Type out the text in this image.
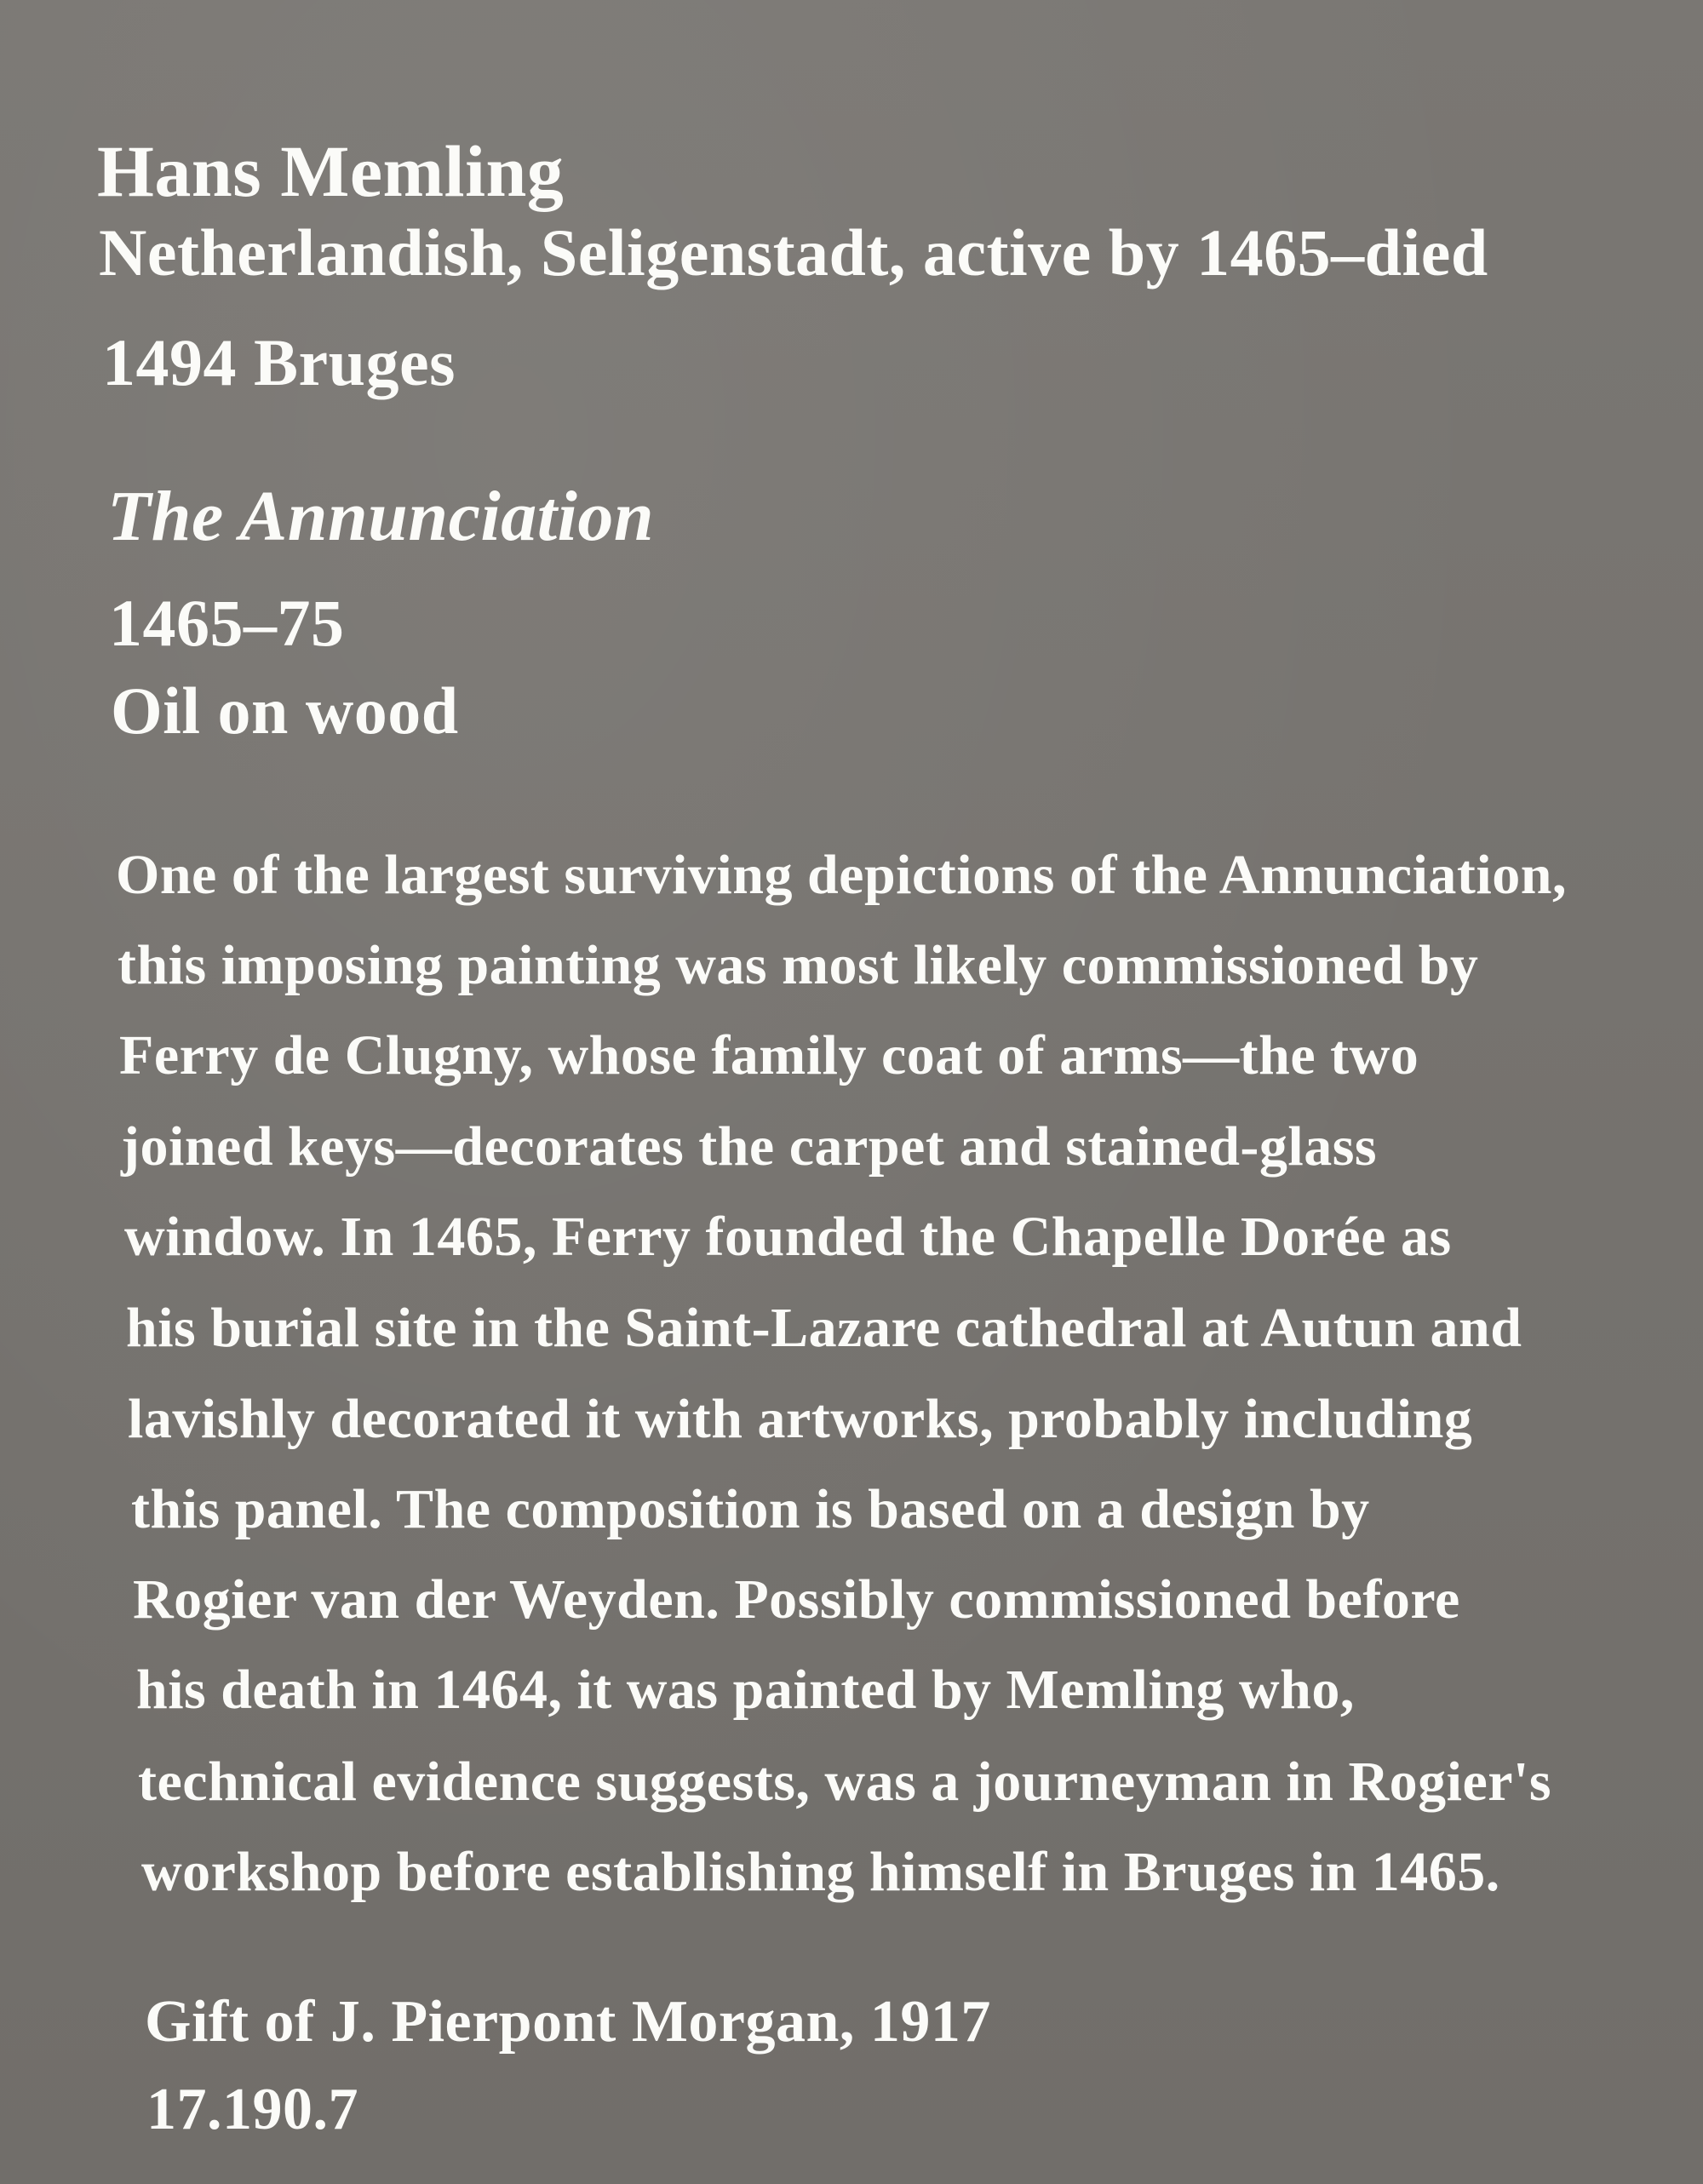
Hans Memling
Netherlandish, Seligenstadt, active by 1465–died
1494 Bruges
The Annunciation
1465–75
Oil on wood
One of the largest surviving depictions of the Annunciation,
this imposing painting was most likely commissioned by
Ferry de Clugny, whose family coat of arms—the two
joined keys—decorates the carpet and stained-glass
window. In 1465, Ferry founded the Chapelle Dorée as
his burial site in the Saint-Lazare cathedral at Autun and
lavishly decorated it with artworks, probably including
this panel. The composition is based on a design by
Rogier van der Weyden. Possibly commissioned before
his death in 1464, it was painted by Memling who,
technical evidence suggests, was a journeyman in Rogier's
workshop before establishing himself in Bruges in 1465.
Gift of J. Pierpont Morgan, 1917
17.190.7
